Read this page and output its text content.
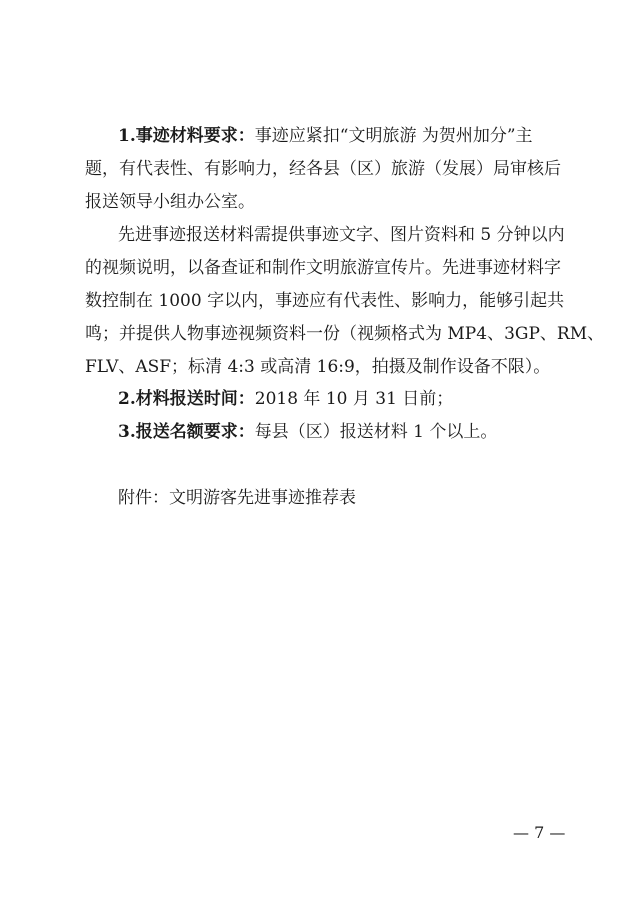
1.事迹材料要求：事迹应紧扣“文明旅游 为贺州加分”主
题，有代表性、有影响力，经各县（区）旅游（发展）局审核后
报送领导小组办公室。
先进事迹报送材料需提供事迹文字、图片资料和 5 分钟以内
的视频说明，以备查证和制作文明旅游宣传片。先进事迹材料字
数控制在 1000 字以内，事迹应有代表性、影响力，能够引起共
鸣；并提供人物事迹视频资料一份（视频格式为 MP4、3GP、RM、
FLV、ASF；标清 4:3 或高清 16:9，拍摄及制作设备不限）。
2.材料报送时间：2018 年 10 月 31 日前；
3.报送名额要求：每县（区）报送材料 1 个以上。
附件：文明游客先进事迹推荐表
— 7 —
